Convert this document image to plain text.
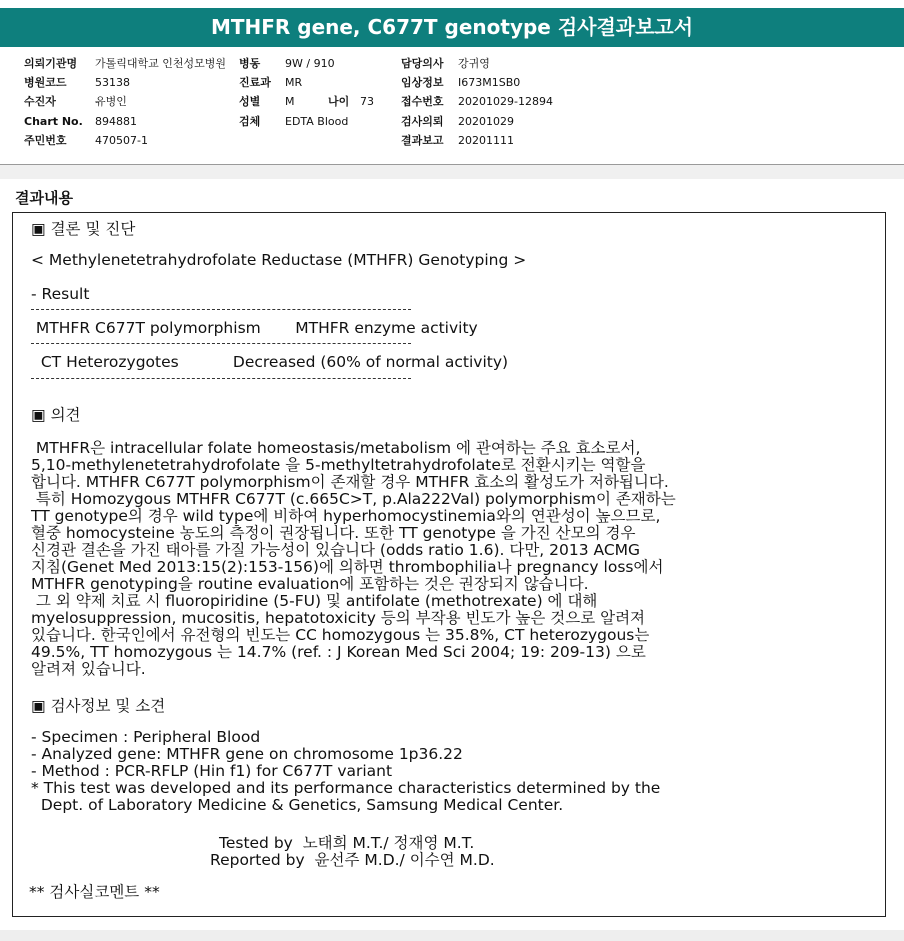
MTHFR gene, C677T genotype 검사결과보고서
의뢰기관명 가톨릭대학교 인천성모병원 병동 9W / 910	담당의사 강귀영
병원코드	53138	진료과 MR	임상정보 I673M1SB0
수진자	유병인	성별 M	나이 73 접수번호 20201029-12894
Chart No. 894881	검체 EDTA Blood	검사의뢰 20201029
주민번호	470507-1	결과보고 20201111
결과내용
▣ 결론 및 진단
< Methylenetetrahydrofolate Reductase (MTHFR) Genotyping >
- Result
MTHFR C677T polymorphism       MTHFR enzyme activity
CT Heterozygotes           Decreased (60% of normal activity)
▣ 의견
MTHFR은 intracellular folate homeostasis/metabolism 에 관여하는 주요 효소로서,
5,10-methylenetetrahydrofolate 을 5-methyltetrahydrofolate로 전환시키는 역할을
합니다. MTHFR C677T polymorphism이 존재할 경우 MTHFR 효소의 활성도가 저하됩니다.
특히 Homozygous MTHFR C677T (c.665C>T, p.Ala222Val) polymorphism이 존재하는
TT genotype의 경우 wild type에 비하여 hyperhomocystinemia와의 연관성이 높으므로,
혈중 homocysteine 농도의 측정이 권장됩니다. 또한 TT genotype 을 가진 산모의 경우
신경관 결손을 가진 태아를 가질 가능성이 있습니다 (odds ratio 1.6). 다만, 2013 ACMG
지침(Genet Med 2013:15(2):153-156)에 의하면 thrombophilia나 pregnancy loss에서
MTHFR genotyping을 routine evaluation에 포함하는 것은 권장되지 않습니다.
그 외 약제 치료 시 fluoropiridine (5-FU) 및 antifolate (methotrexate) 에 대해
myelosuppression, mucositis, hepatotoxicity 등의 부작용 빈도가 높은 것으로 알려져
있습니다. 한국인에서 유전형의 빈도는 CC homozygous 는 35.8%, CT heterozygous는
49.5%, TT homozygous 는 14.7% (ref. : J Korean Med Sci 2004; 19: 209-13) 으로
알려져 있습니다.
▣ 검사정보 및 소견
- Specimen : Peripheral Blood
- Analyzed gene: MTHFR gene on chromosome 1p36.22
- Method : PCR-RFLP (Hin f1) for C677T variant
* This test was developed and its performance characteristics determined by the
Dept. of Laboratory Medicine & Genetics, Samsung Medical Center.
Tested by  노태희 M.T./ 정재영 M.T.
Reported by  윤선주 M.D./ 이수연 M.D.
** 검사실코멘트 **
